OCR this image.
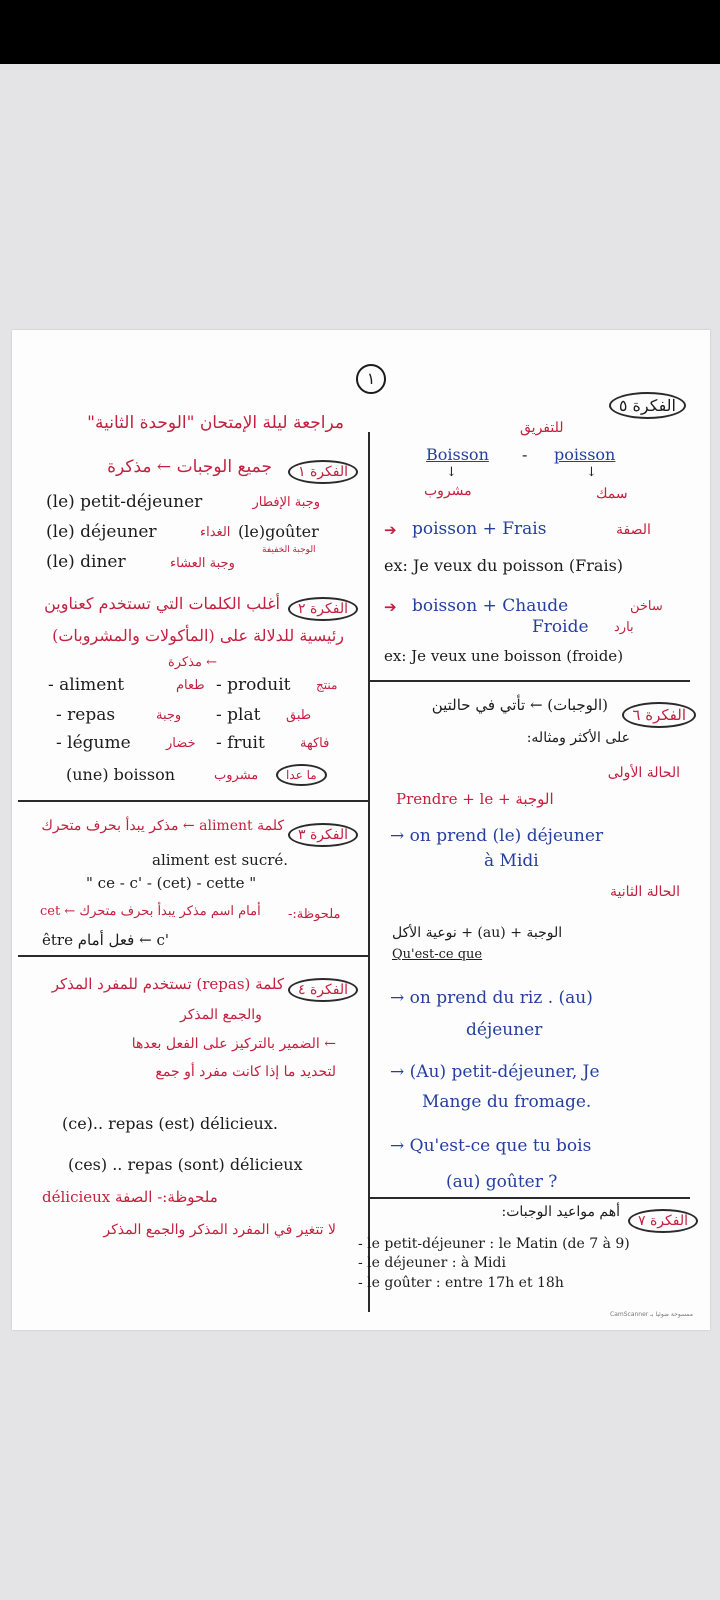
١
مراجعة ليلة الإمتحان "الوحدة الثانية"
الفكرة ١
جميع الوجبات ← مذكرة
(le) petit-déjeuner	وجبة الإفطار
(le) déjeuner	الغداء (le)goûter
الوجبة الخفيفة
(le) diner	وجبة العشاء
الفكرة ٢
أغلب الكلمات التي تستخدم كعناوين
رئيسية للدلالة على (المأكولات والمشروبات)
← مذكرة
- aliment	طعام - produit منتج
- repas	وجبة - plat طبق
- légume	خضار - fruit	فاكهة
(une) boisson	مشروب	ما عدا
الفكرة ٣
كلمة aliment ← مذكر يبدأ بحرف متحرك
aliment est sucré.
" ce - c' - (cet) - cette "
ملحوظة:-
cet ← أمام اسم مذكر يبدأ بحرف متحرك
être فعل أمام ← c'
الفكرة ٤
كلمة (repas) تستخدم للمفرد المذكر
والجمع المذكر
← الضمير بالتركيز على الفعل بعدها
لتحديد ما إذا كانت مفرد أو جمع
(ce).. repas (est) délicieux.
(ces) .. repas (sont) délicieux
ملحوظة:- الصفة délicieux
لا تتغير في المفرد المذكر والجمع المذكر
الفكرة ٥
للتفريق
Boisson - poisson
↓	↓
مشروب	سمك
➔ poisson + Frais	الصفة
ex: Je veux du poisson (Frais)
➔ boisson + Chaude	ساخن
Froide بارد
ex: Je veux une boisson (froide)
الفكرة ٦
(الوجبات) ← تأتي في حالتين
على الأكثر ومثاله:
الحالة الأولى
Prendre + le + الوجبة
→ on prend (le) déjeuner
à Midi
الحالة الثانية
الوجبة + (au) + نوعية الأكل
Qu'est-ce que
→ on prend du riz . (au)
déjeuner
→ (Au) petit-déjeuner, Je
Mange du fromage.
→ Qu'est-ce que tu bois
(au) goûter ?
الفكرة ٧
أهم مواعيد الوجبات:
- le petit-déjeuner : le Matin (de 7 à 9)
- le déjeuner : à Midi
- le goûter : entre 17h et 18h
CamScanner ممسوحة ضوئيا بـ
